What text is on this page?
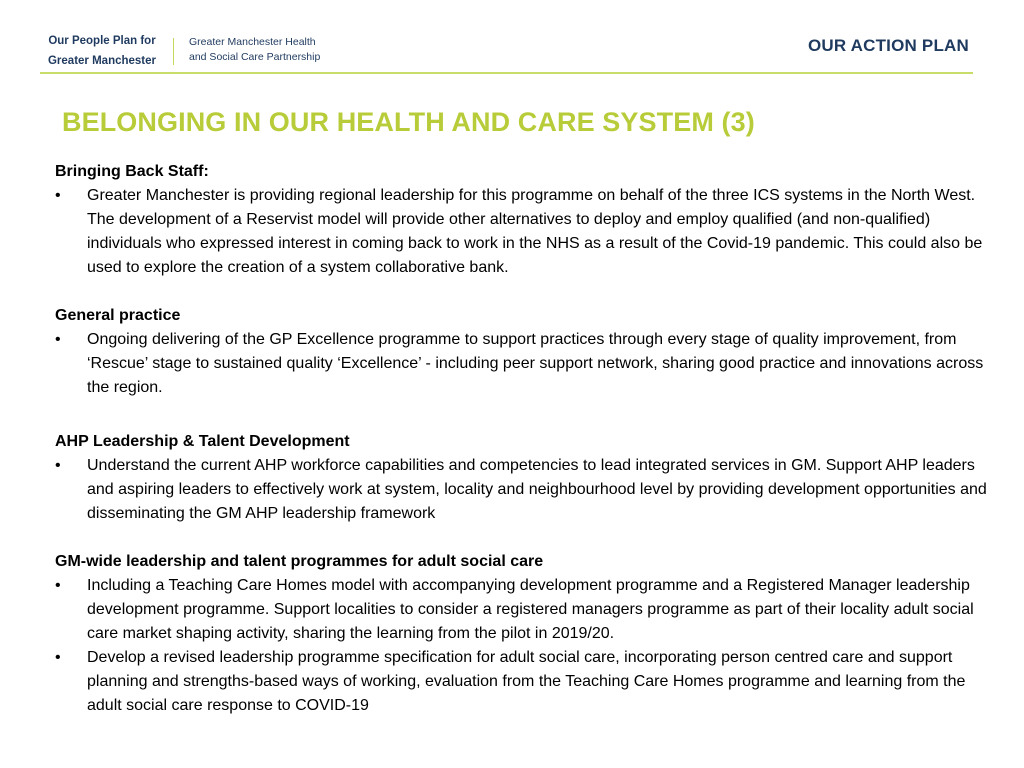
Our People Plan for
Greater Manchester
Greater Manchester Health
and Social Care Partnership
OUR ACTION PLAN
BELONGING IN OUR HEALTH AND CARE SYSTEM (3)

Bringing Back Staff:

•	Greater Manchester is providing regional leadership for this programme on behalf of the three ICS systems in the North West. The development of a Reservist model will provide other alternatives to deploy and employ qualified (and non-qualified) individuals who expressed interest in coming back to work in the NHS as a result of the Covid-19 pandemic. This could also be used to explore the creation of a system collaborative bank.

General practice

•	Ongoing delivering of the GP Excellence programme to support practices through every stage of quality improvement, from ‘Rescue’ stage to sustained quality ‘Excellence’ - including peer support network, sharing good practice and innovations across the region.

AHP Leadership & Talent Development

•	Understand the current AHP workforce capabilities and competencies to lead integrated services in GM. Support AHP leaders and aspiring leaders to effectively work at system, locality and neighbourhood level by providing development opportunities and disseminating the GM AHP leadership framework

GM-wide leadership and talent programmes for adult social care

•	Including a Teaching Care Homes model with accompanying development programme and a Registered Manager leadership development programme. Support localities to consider a registered managers programme as part of their locality adult social care market shaping activity, sharing the learning from the pilot in 2019/20.
•	Develop a revised leadership programme specification for adult social care, incorporating person centred care and support planning and strengths-based ways of working, evaluation from the Teaching Care Homes programme and learning from the adult social care response to COVID-19
